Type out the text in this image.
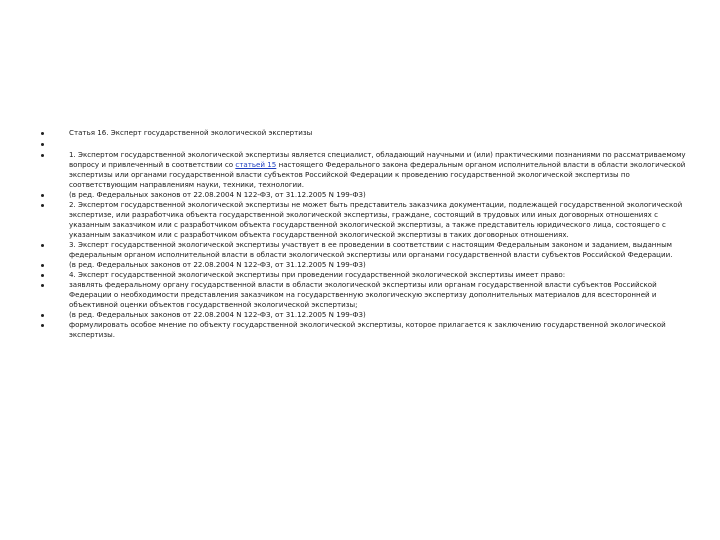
Статья 16. Эксперт государственной экологической экспертизы
1. Экспертом государственной экологической экспертизы является специалист, обладающий научными и (или) практическими познаниями по рассматриваемому вопросу и привлеченный в соответствии со статьей 15 настоящего Федерального закона федеральным органом исполнительной власти в области экологической экспертизы или органами государственной власти субъектов Российской Федерации к проведению государственной экологической экспертизы по соответствующим направлениям науки, техники, технологии.
(в ред. Федеральных законов от 22.08.2004 N 122-ФЗ, от 31.12.2005 N 199-ФЗ)
2. Экспертом государственной экологической экспертизы не может быть представитель заказчика документации, подлежащей государственной экологической экспертизе, или разработчика объекта государственной экологической экспертизы, граждане, состоящий в трудовых или иных договорных отношениях с указанным заказчиком или с разработчиком объекта государственной экологической экспертизы, а также представитель юридического лица, состоящего с указанным заказчиком или с разработчиком объекта государственной экологической экспертизы в таких договорных отношениях.
3. Эксперт государственной экологической экспертизы участвует в ее проведении в соответствии с настоящим Федеральным законом и заданием, выданным федеральным органом исполнительной власти в области экологической экспертизы или органами государственной власти субъектов Российской Федерации.
(в ред. Федеральных законов от 22.08.2004 N 122-ФЗ, от 31.12.2005 N 199-ФЗ)
4. Эксперт государственной экологической экспертизы при проведении государственной экологической экспертизы имеет право:
заявлять федеральному органу государственной власти в области экологической экспертизы или органам государственной власти субъектов Российской Федерации о необходимости представления заказчиком на государственную экологическую экспертизу дополнительных материалов для всесторонней и объективной оценки объектов государственной экологической экспертизы;
(в ред. Федеральных законов от 22.08.2004 N 122-ФЗ, от 31.12.2005 N 199-ФЗ)
формулировать особое мнение по объекту государственной экологической экспертизы, которое прилагается к заключению государственной экологической экспертизы.
